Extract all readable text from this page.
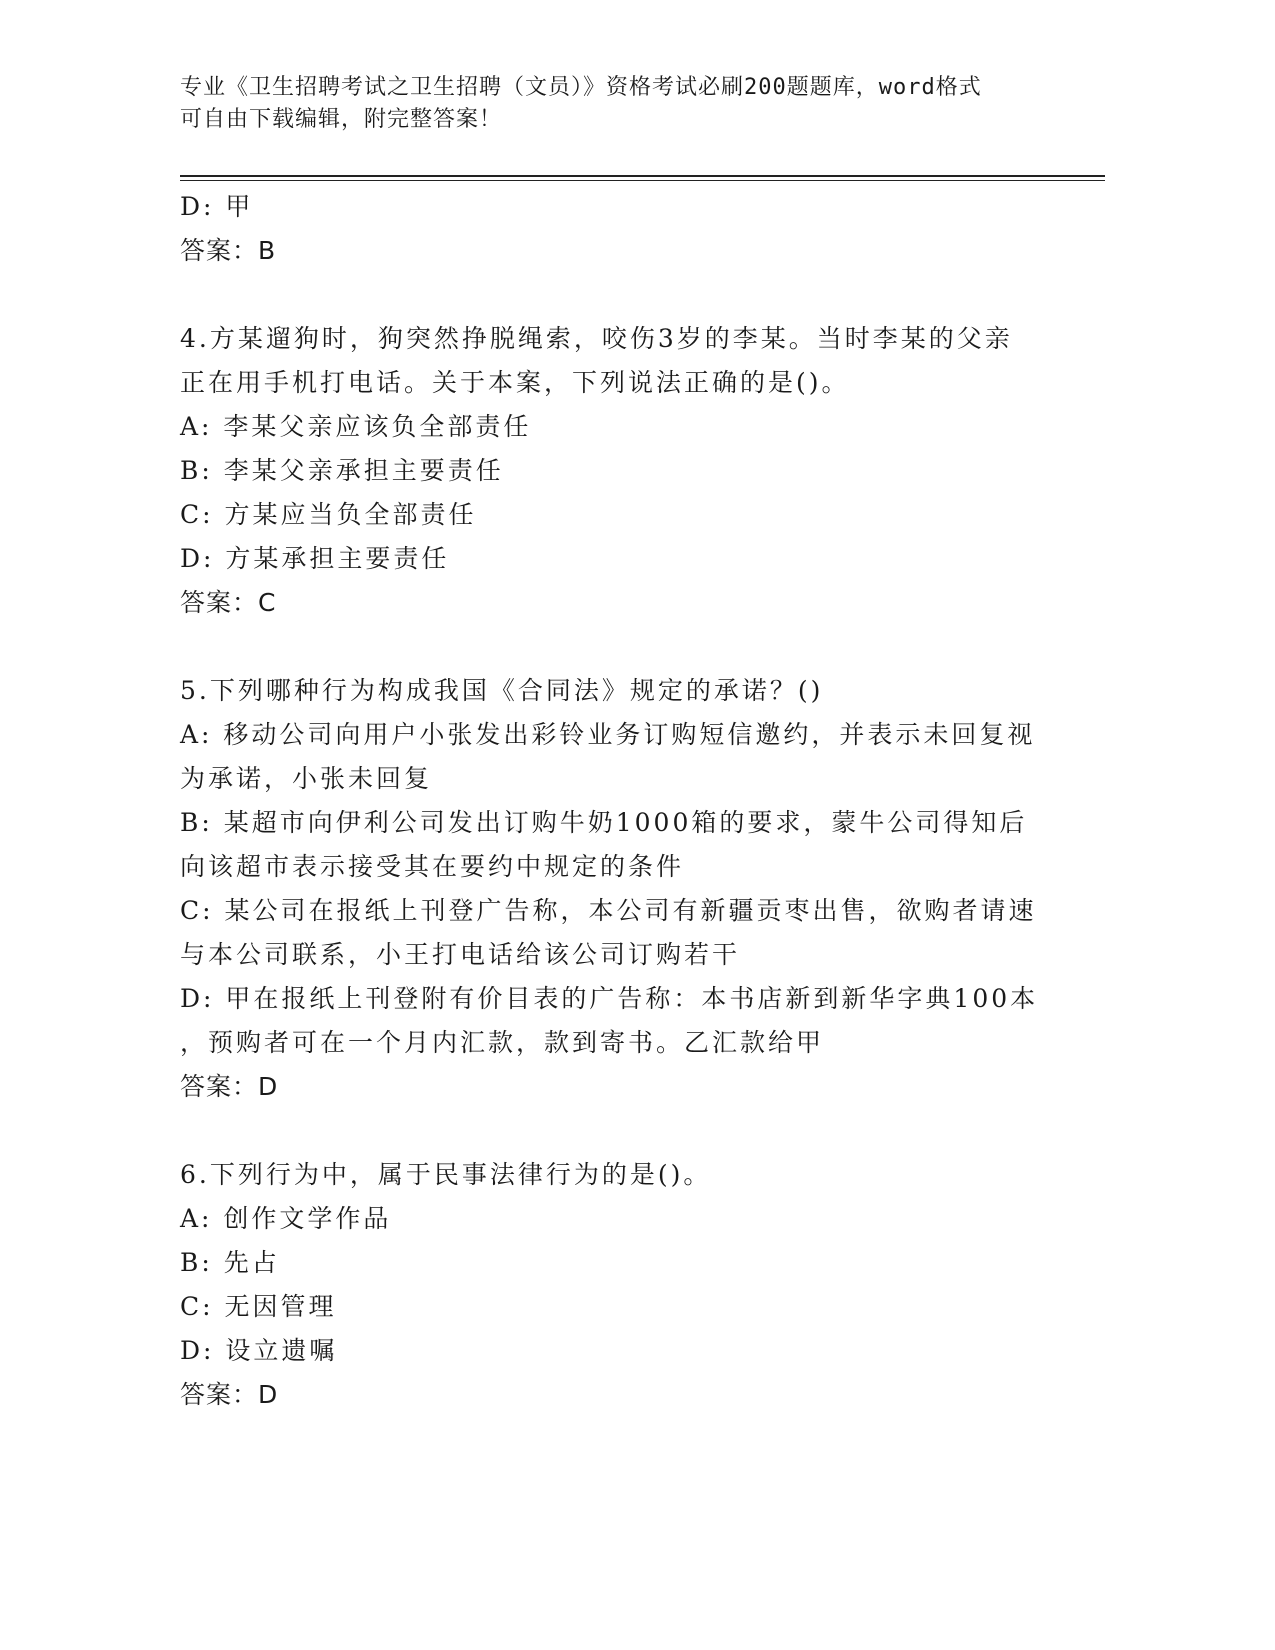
专业《卫生招聘考试之卫生招聘（文员）》资格考试必刷200题题库，word格式
可自由下载编辑，附完整答案！
D: 甲
答案：B
4.方某遛狗时，狗突然挣脱绳索，咬伤3岁的李某。当时李某的父亲
正在用手机打电话。关于本案，下列说法正确的是()。
A: 李某父亲应该负全部责任
B: 李某父亲承担主要责任
C: 方某应当负全部责任
D: 方某承担主要责任
答案：C
5.下列哪种行为构成我国《合同法》规定的承诺？()
A: 移动公司向用户小张发出彩铃业务订购短信邀约，并表示未回复视
为承诺，小张未回复
B: 某超市向伊利公司发出订购牛奶1000箱的要求，蒙牛公司得知后
向该超市表示接受其在要约中规定的条件
C: 某公司在报纸上刊登广告称，本公司有新疆贡枣出售，欲购者请速
与本公司联系，小王打电话给该公司订购若干
D: 甲在报纸上刊登附有价目表的广告称：本书店新到新华字典100本
，预购者可在一个月内汇款，款到寄书。乙汇款给甲
答案：D
6.下列行为中，属于民事法律行为的是()。
A: 创作文学作品
B: 先占
C: 无因管理
D: 设立遗嘱
答案：D
